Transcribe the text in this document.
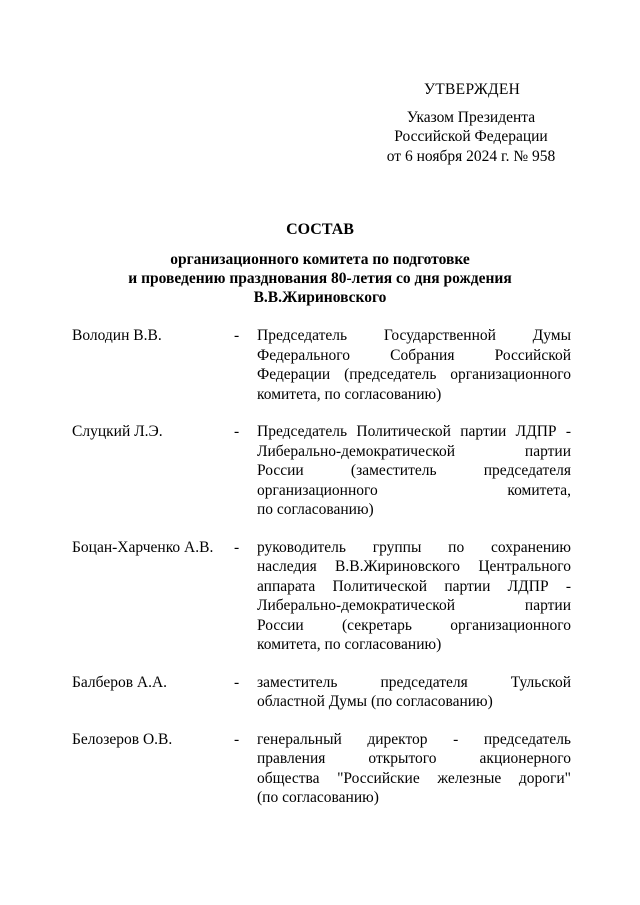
УТВЕРЖДЕН
Указом Президента
Российской Федерации
от 6 ноября 2024 г. № 958
СОСТАВ
организационного комитета по подготовке
и проведению празднования 80-летия со дня рождения
В.В.Жириновского
Володин В.В.	-	Председатель Государственной Думы
Федерального Собрания Российской
Федерации (председатель организационного
комитета, по согласованию)
Слуцкий Л.Э.	-	Председатель Политической партии ЛДПР -
Либерально-демократической партии
России (заместитель председателя
организационного комитета,
по согласованию)
Боцан-Харченко А.В.	-	руководитель группы по сохранению
наследия В.В.Жириновского Центрального
аппарата Политической партии ЛДПР -
Либерально-демократической партии
России (секретарь организационного
комитета, по согласованию)
Балберов А.А.	-	заместитель председателя Тульской
областной Думы (по согласованию)
Белозеров О.В.	-	генеральный директор - председатель
правления открытого акционерного
общества "Российские железные дороги"
(по согласованию)
